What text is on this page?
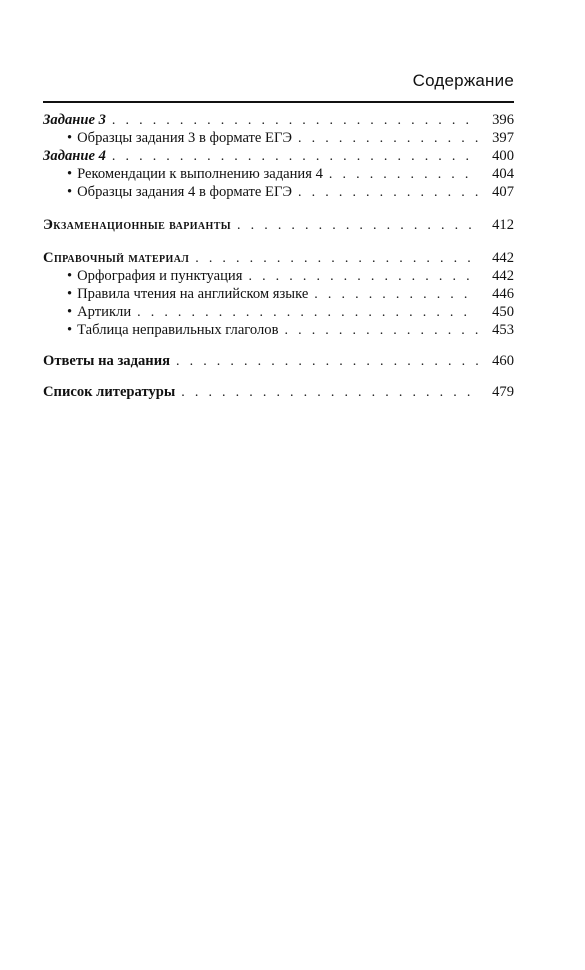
Содержание
Задание 3 . . .	396
• Образцы задания 3 в формате ЕГЭ . . .	397
Задание 4 . . .	400
• Рекомендации к выполнению задания 4 . . .	404
• Образцы задания 4 в формате ЕГЭ . . .	407
Экзаменационные варианты . . .	412
Справочный материал . . .	442
• Орфография и пунктуация . . .	442
• Правила чтения на английском языке . . .	446
• Артикли . . .	450
• Таблица неправильных глаголов . . .	453
Ответы на задания . . .	460
Список литературы . . .	479
